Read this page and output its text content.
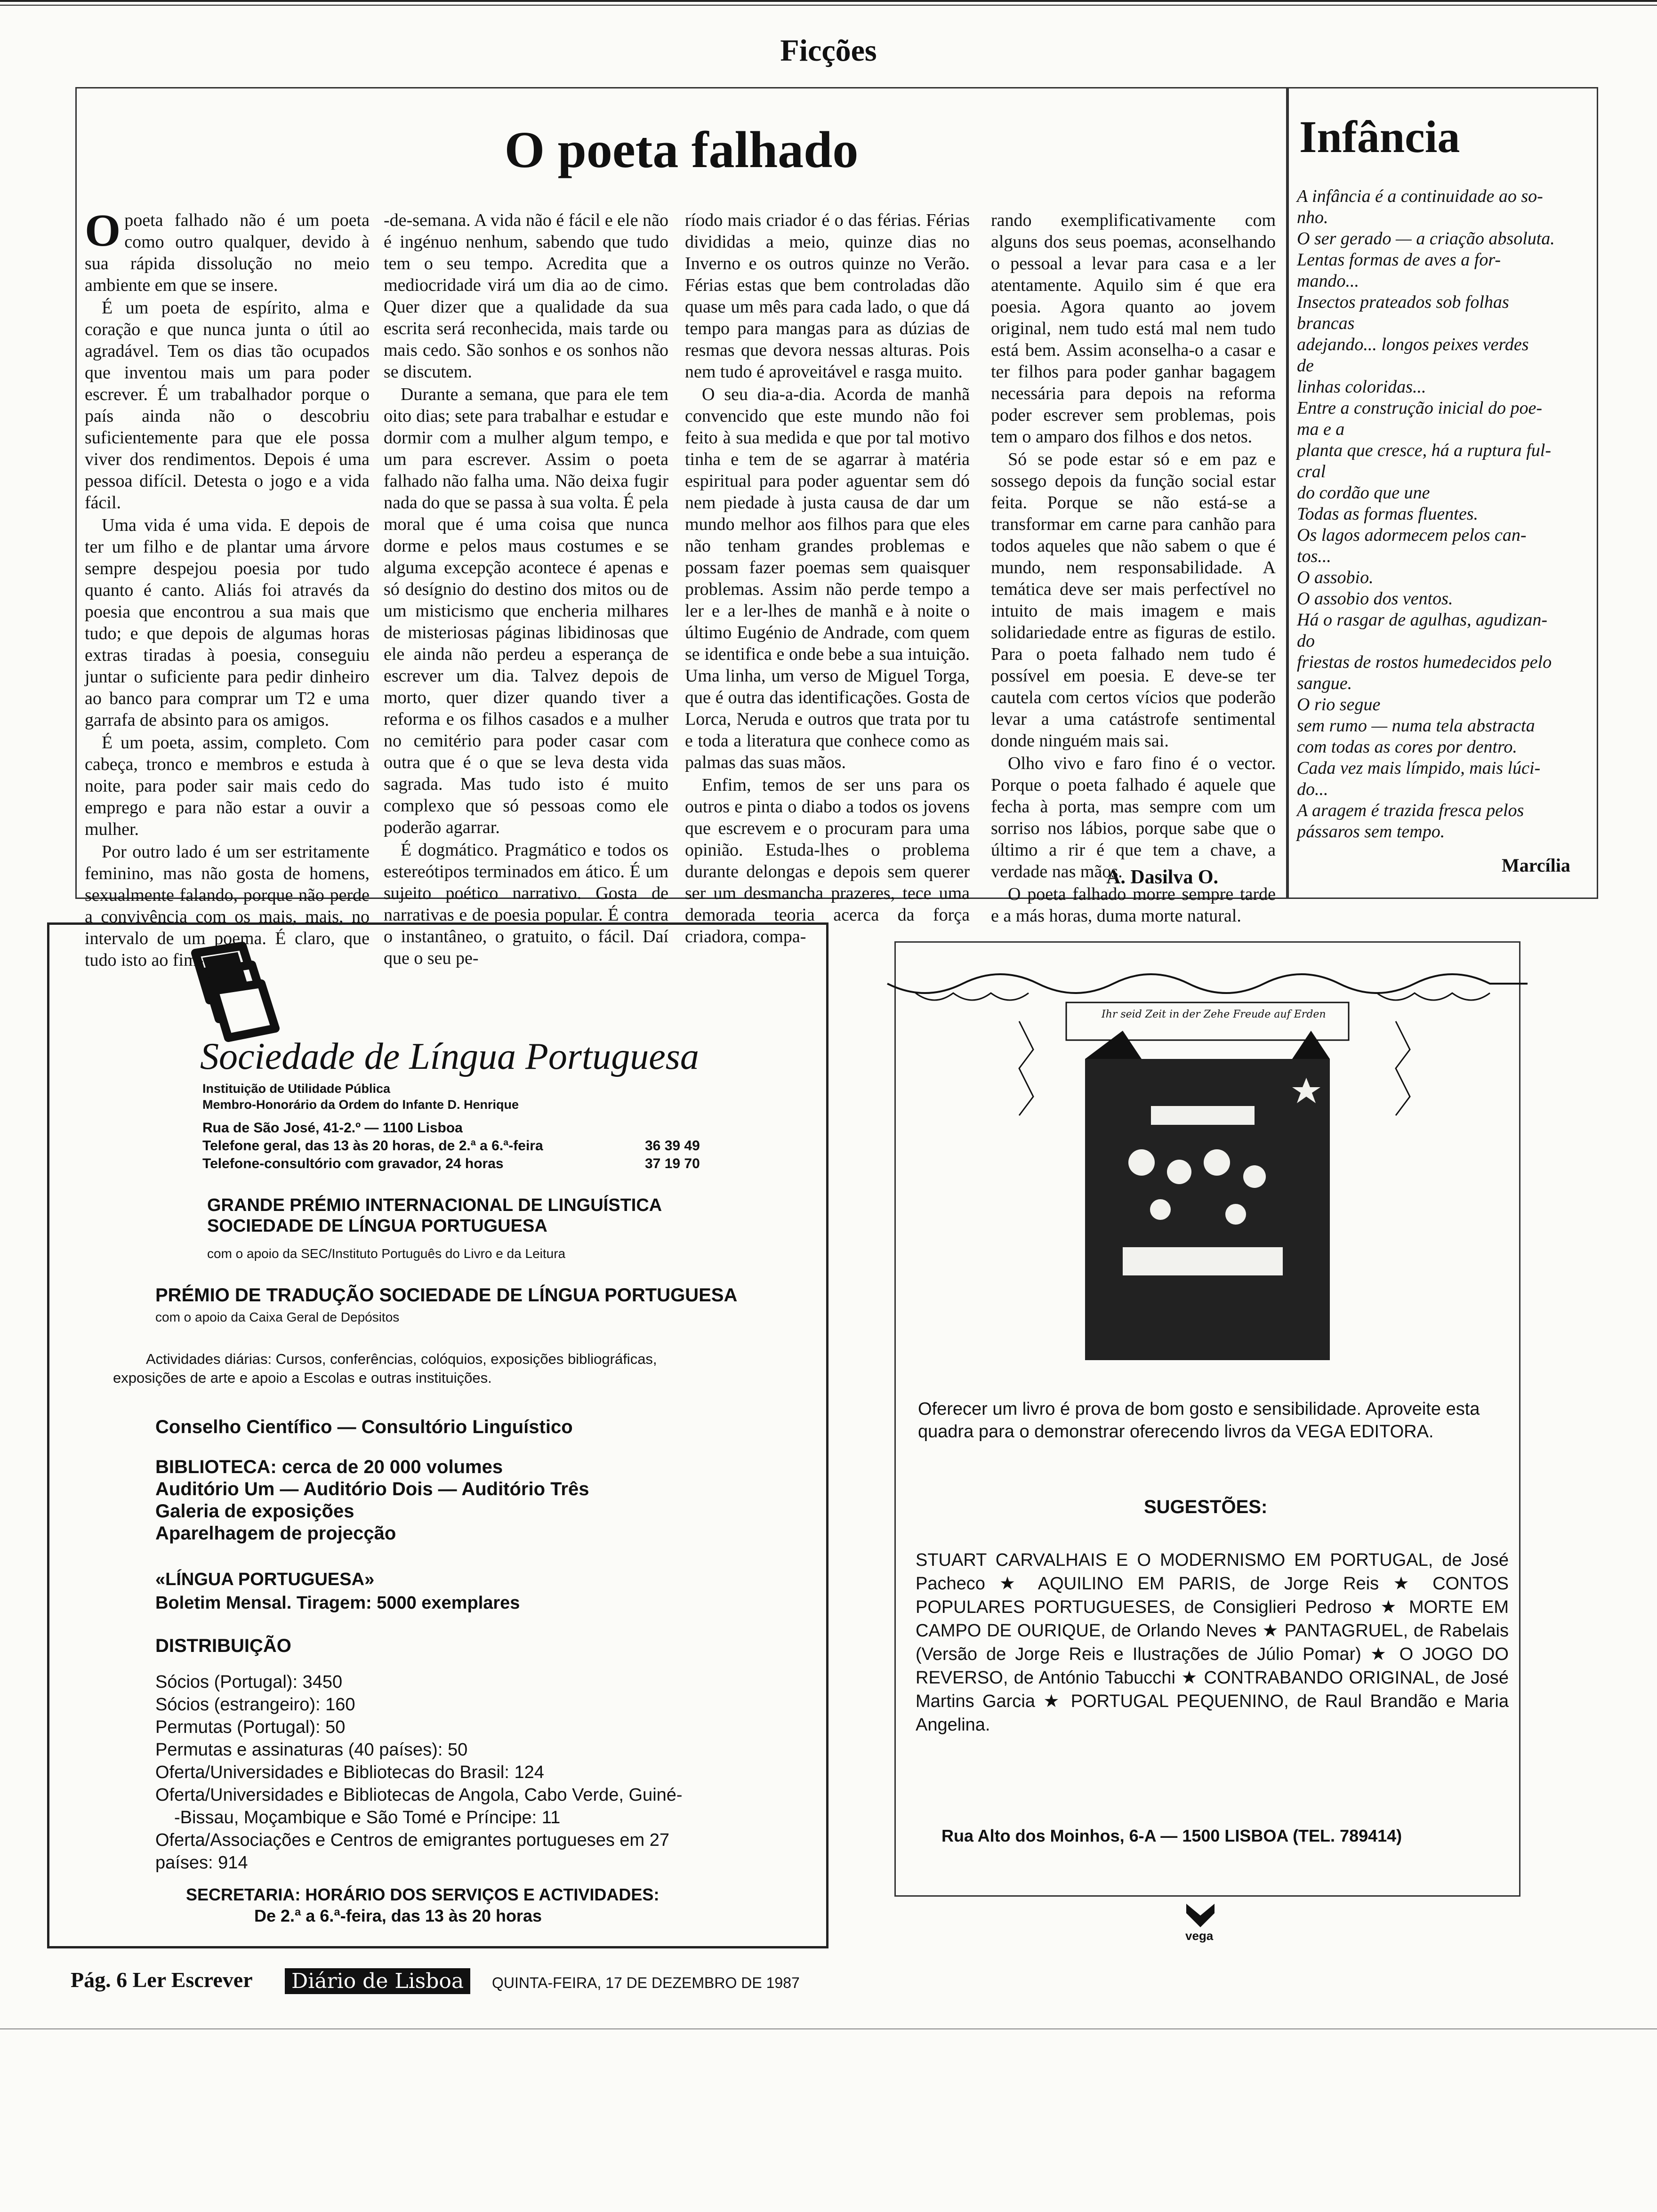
Ficções
O poeta falhado

Opoeta falhado não é um poeta como outro qualquer, devido à sua rápida dissolução no meio ambiente em que se insere.

É um poeta de espírito, alma e coração e que nunca junta o útil ao agradável. Tem os dias tão ocupados que inventou mais um para poder escrever. É um trabalhador porque o país ainda não o descobriu suficientemente para que ele possa viver dos rendimentos. Depois é uma pessoa difícil. Detesta o jogo e a vida fácil.

Uma vida é uma vida. E depois de ter um filho e de plantar uma árvore sempre despejou poesia por tudo quanto é canto. Aliás foi através da poesia que encontrou a sua mais que tudo; e que depois de algumas horas extras tiradas à poesia, conseguiu juntar o suficiente para pedir dinheiro ao banco para comprar um T2 e uma garrafa de absinto para os amigos.

É um poeta, assim, completo. Com cabeça, tronco e membros e estuda à noite, para poder sair mais cedo do emprego e para não estar a ouvir a mulher.

Por outro lado é um ser estritamente feminino, mas não gosta de homens, sexualmente falando, porque não perde a convivência com os mais, mais, no intervalo de um poema. É claro, que tudo isto ao fim-

-de-semana. A vida não é fácil e ele não é ingénuo nenhum, sabendo que tudo tem o seu tempo. Acredita que a mediocridade virá um dia ao de cimo. Quer dizer que a qualidade da sua escrita será reconhecida, mais tarde ou mais cedo. São sonhos e os sonhos não se discutem.

Durante a semana, que para ele tem oito dias; sete para trabalhar e estudar e dormir com a mulher algum tempo, e um para escrever. Assim o poeta falhado não falha uma. Não deixa fugir nada do que se passa à sua volta. É pela moral que é uma coisa que nunca dorme e pelos maus costumes e se alguma excepção acontece é apenas e só desígnio do destino dos mitos ou de um misticismo que encheria milhares de misteriosas páginas libidinosas que ele ainda não perdeu a esperança de escrever um dia. Talvez depois de morto, quer dizer quando tiver a reforma e os filhos casados e a mulher no cemitério para poder casar com outra que é o que se leva desta vida sagrada. Mas tudo isto é muito complexo que só pessoas como ele poderão agarrar.

É dogmático. Pragmático e todos os estereótipos terminados em ático. É um sujeito poético narrativo. Gosta de narrativas e de poesia popular. É contra o instantâneo, o gratuito, o fácil. Daí que o seu pe-

ríodo mais criador é o das férias. Férias divididas a meio, quinze dias no Inverno e os outros quinze no Verão. Férias estas que bem controladas dão quase um mês para cada lado, o que dá tempo para mangas para as dúzias de resmas que devora nessas alturas. Pois nem tudo é aproveitável e rasga muito.

O seu dia-a-dia. Acorda de manhã convencido que este mundo não foi feito à sua medida e que por tal motivo tinha e tem de se agarrar à matéria espiritual para poder aguentar sem dó nem piedade à justa causa de dar um mundo melhor aos filhos para que eles não tenham grandes problemas e possam fazer poemas sem quaisquer problemas. Assim não perde tempo a ler e a ler-lhes de manhã e à noite o último Eugénio de Andrade, com quem se identifica e onde bebe a sua intuição. Uma linha, um verso de Miguel Torga, que é outra das identificações. Gosta de Lorca, Neruda e outros que trata por tu e toda a literatura que conhece como as palmas das suas mãos.

Enfim, temos de ser uns para os outros e pinta o diabo a todos os jovens que escrevem e o procuram para uma opinião. Estuda-lhes o problema durante delongas e depois sem querer ser um desmancha prazeres, tece uma demorada teoria acerca da força criadora, compa-

rando exemplificativamente com alguns dos seus poemas, aconselhando o pessoal a levar para casa e a ler atentamente. Aquilo sim é que era poesia. Agora quanto ao jovem original, nem tudo está mal nem tudo está bem. Assim aconselha-o a casar e ter filhos para poder ganhar bagagem necessária para depois na reforma poder escrever sem problemas, pois tem o amparo dos filhos e dos netos.

Só se pode estar só e em paz e sossego depois da função social estar feita. Porque se não está-se a transformar em carne para canhão para todos aqueles que não sabem o que é mundo, nem responsabilidade. A temática deve ser mais perfectível no intuito de mais imagem e mais solidariedade entre as figuras de estilo. Para o poeta falhado nem tudo é possível em poesia. E deve-se ter cautela com certos vícios que poderão levar a uma catástrofe sentimental donde ninguém mais sai.

Olho vivo e faro fino é o vector. Porque o poeta falhado é aquele que fecha à porta, mas sempre com um sorriso nos lábios, porque sabe que o último a rir é que tem a chave, a verdade nas mãos.

O poeta falhado morre sempre tarde e a más horas, duma morte natural.

A. Dasilva O.
Infância
A infância é a continuidade ao so-
nho.
O ser gerado — a criação absoluta.
Lentas formas de aves a for-
mando...
Insectos prateados sob folhas
brancas
adejando... longos peixes verdes
de
linhas coloridas...
Entre a construção inicial do poe-
ma e a
planta que cresce, há a ruptura ful-
cral
do cordão que une
Todas as formas fluentes.
Os lagos adormecem pelos can-
tos...
O assobio.
O assobio dos ventos.
Há o rasgar de agulhas, agudizan-
do
friestas de rostos humedecidos pelo
sangue.
O rio segue
sem rumo — numa tela abstracta
com todas as cores por dentro.
Cada vez mais límpido, mais lúci-
do...
A aragem é trazida fresca pelos
pássaros sem tempo.
Marcília
Sociedade de Língua Portuguesa
Instituição de Utilidade Pública
Membro-Honorário da Ordem do Infante D. Henrique
Rua de São José, 41-2.º — 1100 Lisboa
Telefone geral, das 13 às 20 horas, de 2.ª a 6.ª-feira	36 39 49
Telefone-consultório com gravador, 24 horas	37 19 70
GRANDE PRÉMIO INTERNACIONAL DE LINGUÍSTICA
SOCIEDADE DE LÍNGUA PORTUGUESA
com o apoio da SEC/Instituto Português do Livro e da Leitura
PRÉMIO DE TRADUÇÃO SOCIEDADE DE LÍNGUA PORTUGUESA
com o apoio da Caixa Geral de Depósitos
Actividades diárias: Cursos, conferências, colóquios, exposições bibliográficas,
exposições de arte e apoio a Escolas e outras instituições.
Conselho Científico — Consultório Linguístico
BIBLIOTECA: cerca de 20 000 volumes
Auditório Um — Auditório Dois — Auditório Três
Galeria de exposições
Aparelhagem de projecção
«LÍNGUA PORTUGUESA»
Boletim Mensal. Tiragem: 5000 exemplares
DISTRIBUIÇÃO
Sócios (Portugal): 3450
Sócios (estrangeiro): 160
Permutas (Portugal): 50
Permutas e assinaturas (40 países): 50
Oferta/Universidades e Bibliotecas do Brasil: 124
Oferta/Universidades e Bibliotecas de Angola, Cabo Verde, Guiné-
-Bissau, Moçambique e São Tomé e Príncipe: 11
Oferta/Associações e Centros de emigrantes portugueses em 27
países: 914
SECRETARIA: HORÁRIO DOS SERVIÇOS E ACTIVIDADES:
De 2.ª a 6.ª-feira, das 13 às 20 horas
Ihr seid Zeit in der Zehe Freude auf Erden
Oferecer um livro é prova de bom gosto e sensibilidade. Aproveite esta quadra para o demonstrar oferecendo livros da VEGA EDITORA.
SUGESTÕES:
STUART CARVALHAIS E O MODERNISMO EM PORTUGAL, de José Pacheco ★ AQUILINO EM PARIS, de Jorge Reis ★ CONTOS POPULARES PORTUGUESES, de Consiglieri Pedroso ★ MORTE EM CAMPO DE OURIQUE, de Orlando Neves ★ PANTAGRUEL, de Rabelais (Versão de Jorge Reis e Ilustrações de Júlio Pomar) ★ O JOGO DO REVERSO, de António Tabucchi ★ CONTRABANDO ORIGINAL, de José Martins Garcia ★ PORTUGAL PEQUENINO, de Raul Brandão e Maria Angelina.
Rua Alto dos Moinhos, 6-A — 1500 LISBOA (TEL. 789414)
vega
Pág. 6 Ler Escrever	Diário de Lisboa	QUINTA-FEIRA, 17 DE DEZEMBRO DE 1987
